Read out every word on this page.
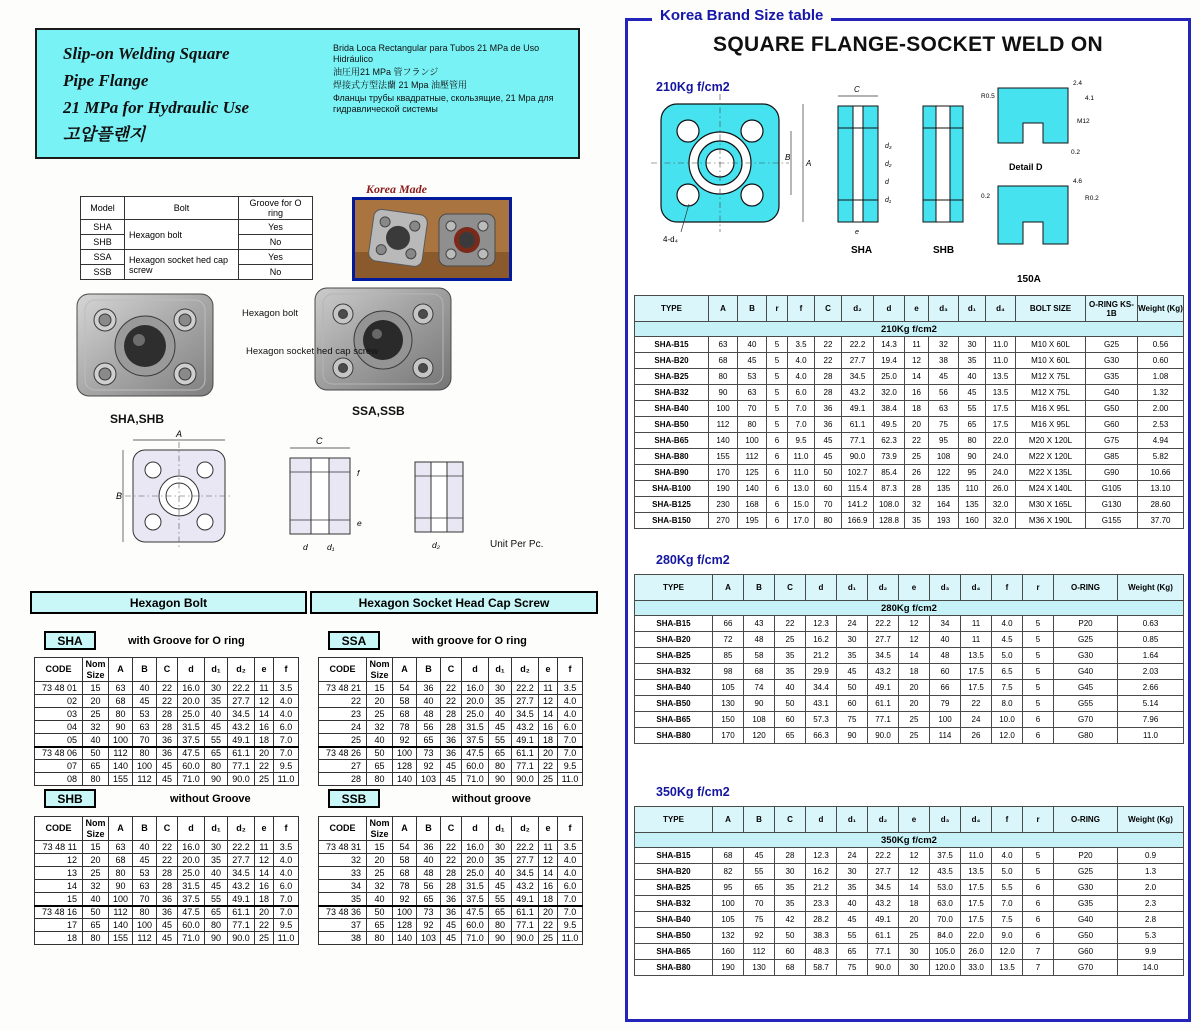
Slip-on Welding Square
Pipe Flange
21 MPa for Hydraulic Use
고압플랜지
Brida Loca Rectangular para Tubos 21 MPa de Uso Hidráulico
油圧用21 MPa 管フランジ
焊接式方型法蘭 21 Mpa 油壓管用
Фланцы трубы квадратные, скользящие, 21 Мра для гидравлической системы
Model	Bolt	Groove for O ring
SHA	Hexagon bolt	Yes
SHB		No
SSA	Hexagon socket hed cap screw	Yes
SSB		No
Korea Made
Hexagon bolt
Hexagon socket hed cap screw
SHA,SHB
SSA,SSB
A
B
C
d d₁
f
e
d₂	Unit Per Pc.
Hexagon Bolt	Hexagon Socket Head Cap Screw
SHA	with Groove for O ring
CODE	Nom Size	A	B	C	d	d₁	d₂	e	f
73 48 01	15	63	40	22	16.0	30	22.2	11	3.5
02	20	68	45	22	20.0	35	27.7	12	4.0
03	25	80	53	28	25.0	40	34.5	14	4.0
04	32	90	63	28	31.5	45	43.2	16	6.0
05	40	100	70	36	37.5	55	49.1	18	7.0
73 48 06	50	112	80	36	47.5	65	61.1	20	7.0
07	65	140	100	45	60.0	80	77.1	22	9.5
08	80	155	112	45	71.0	90	90.0	25	11.0
SHB	without Groove
CODE	Nom Size	A	B	C	d	d₁	d₂	e	f
73 48 11	15	63	40	22	16.0	30	22.2	11	3.5
12	20	68	45	22	20.0	35	27.7	12	4.0
13	25	80	53	28	25.0	40	34.5	14	4.0
14	32	90	63	28	31.5	45	43.2	16	6.0
15	40	100	70	36	37.5	55	49.1	18	7.0
73 48 16	50	112	80	36	47.5	65	61.1	20	7.0
17	65	140	100	45	60.0	80	77.1	22	9.5
18	80	155	112	45	71.0	90	90.0	25	11.0
SSA	with groove for O ring
CODE	Nom Size	A	B	C	d	d₁	d₂	e	f
73 48 21	15	54	36	22	16.0	30	22.2	11	3.5
22	20	58	40	22	20.0	35	27.7	12	4.0
23	25	68	48	28	25.0	40	34.5	14	4.0
24	32	78	56	28	31.5	45	43.2	16	6.0
25	40	92	65	36	37.5	55	49.1	18	7.0
73 48 26	50	100	73	36	47.5	65	61.1	20	7.0
27	65	128	92	45	60.0	80	77.1	22	9.5
28	80	140	103	45	71.0	90	90.0	25	11.0
SSB	without groove
CODE	Nom Size	A	B	C	d	d₁	d₂	e	f
73 48 31	15	54	36	22	16.0	30	22.2	11	3.5
32	20	58	40	22	20.0	35	27.7	12	4.0
33	25	68	48	28	25.0	40	34.5	14	4.0
34	32	78	56	28	31.5	45	43.2	16	6.0
35	40	92	65	36	37.5	55	49.1	18	7.0
73 48 36	50	100	73	36	47.5	65	61.1	20	7.0
37	65	128	92	45	60.0	80	77.1	22	9.5
38	80	140	103	45	71.0	90	90.0	25	11.0
Korea Brand Size table
SQUARE FLANGE-SOCKET WELD ON
210Kg f/cm2
B
A
4-d₄
C
d₃
d₂
d
d₁
e
SHA	SHB
2.4
4.1
R0.5
M12
0.2
Detail D
4.6
R0.2
0.2
150A
TYPE	A	B	r	f	C	d₂	d	e	d₃	d₁	d₄	BOLT SIZE	O-RING KS-1B	Weight (Kg)
210Kg f/cm2														
SHA-B15	63	40	5	3.5	22	22.2	14.3	11	32	30	11.0	M10 X 60L	G25	0.56
SHA-B20	68	45	5	4.0	22	27.7	19.4	12	38	35	11.0	M10 X 60L	G30	0.60
SHA-B25	80	53	5	4.0	28	34.5	25.0	14	45	40	13.5	M12 X 75L	G35	1.08
SHA-B32	90	63	5	6.0	28	43.2	32.0	16	56	45	13.5	M12 X 75L	G40	1.32
SHA-B40	100	70	5	7.0	36	49.1	38.4	18	63	55	17.5	M16 X 95L	G50	2.00
SHA-B50	112	80	5	7.0	36	61.1	49.5	20	75	65	17.5	M16 X 95L	G60	2.53
SHA-B65	140	100	6	9.5	45	77.1	62.3	22	95	80	22.0	M20 X 120L	G75	4.94
SHA-B80	155	112	6	11.0	45	90.0	73.9	25	108	90	24.0	M22 X 120L	G85	5.82
SHA-B90	170	125	6	11.0	50	102.7	85.4	26	122	95	24.0	M22 X 135L	G90	10.66
SHA-B100	190	140	6	13.0	60	115.4	87.3	28	135	110	26.0	M24 X 140L	G105	13.10
SHA-B125	230	168	6	15.0	70	141.2	108.0	32	164	135	32.0	M30 X 165L	G130	28.60
SHA-B150	270	195	6	17.0	80	166.9	128.8	35	193	160	32.0	M36 X 190L	G155	37.70
280Kg f/cm2
TYPE	A	B	C	d	d₁	d₂	e	d₃	d₄	f	r	O-RING	Weight (Kg)
280Kg f/cm2													
SHA-B15	66	43	22	12.3	24	22.2	12	34	11	4.0	5	P20	0.63
SHA-B20	72	48	25	16.2	30	27.7	12	40	11	4.5	5	G25	0.85
SHA-B25	85	58	35	21.2	35	34.5	14	48	13.5	5.0	5	G30	1.64
SHA-B32	98	68	35	29.9	45	43.2	18	60	17.5	6.5	5	G40	2.03
SHA-B40	105	74	40	34.4	50	49.1	20	66	17.5	7.5	5	G45	2.66
SHA-B50	130	90	50	43.1	60	61.1	20	79	22	8.0	5	G55	5.14
SHA-B65	150	108	60	57.3	75	77.1	25	100	24	10.0	6	G70	7.96
SHA-B80	170	120	65	66.3	90	90.0	25	114	26	12.0	6	G80	11.0
350Kg f/cm2
TYPE	A	B	C	d	d₁	d₂	e	d₃	d₄	f	r	O-RING	Weight (Kg)
350Kg f/cm2													
SHA-B15	68	45	28	12.3	24	22.2	12	37.5	11.0	4.0	5	P20	0.9
SHA-B20	82	55	30	16.2	30	27.7	12	43.5	13.5	5.0	5	G25	1.3
SHA-B25	95	65	35	21.2	35	34.5	14	53.0	17.5	5.5	6	G30	2.0
SHA-B32	100	70	35	23.3	40	43.2	18	63.0	17.5	7.0	6	G35	2.3
SHA-B40	105	75	42	28.2	45	49.1	20	70.0	17.5	7.5	6	G40	2.8
SHA-B50	132	92	50	38.3	55	61.1	25	84.0	22.0	9.0	6	G50	5.3
SHA-B65	160	112	60	48.3	65	77.1	30	105.0	26.0	12.0	7	G60	9.9
SHA-B80	190	130	68	58.7	75	90.0	30	120.0	33.0	13.5	7	G70	14.0
